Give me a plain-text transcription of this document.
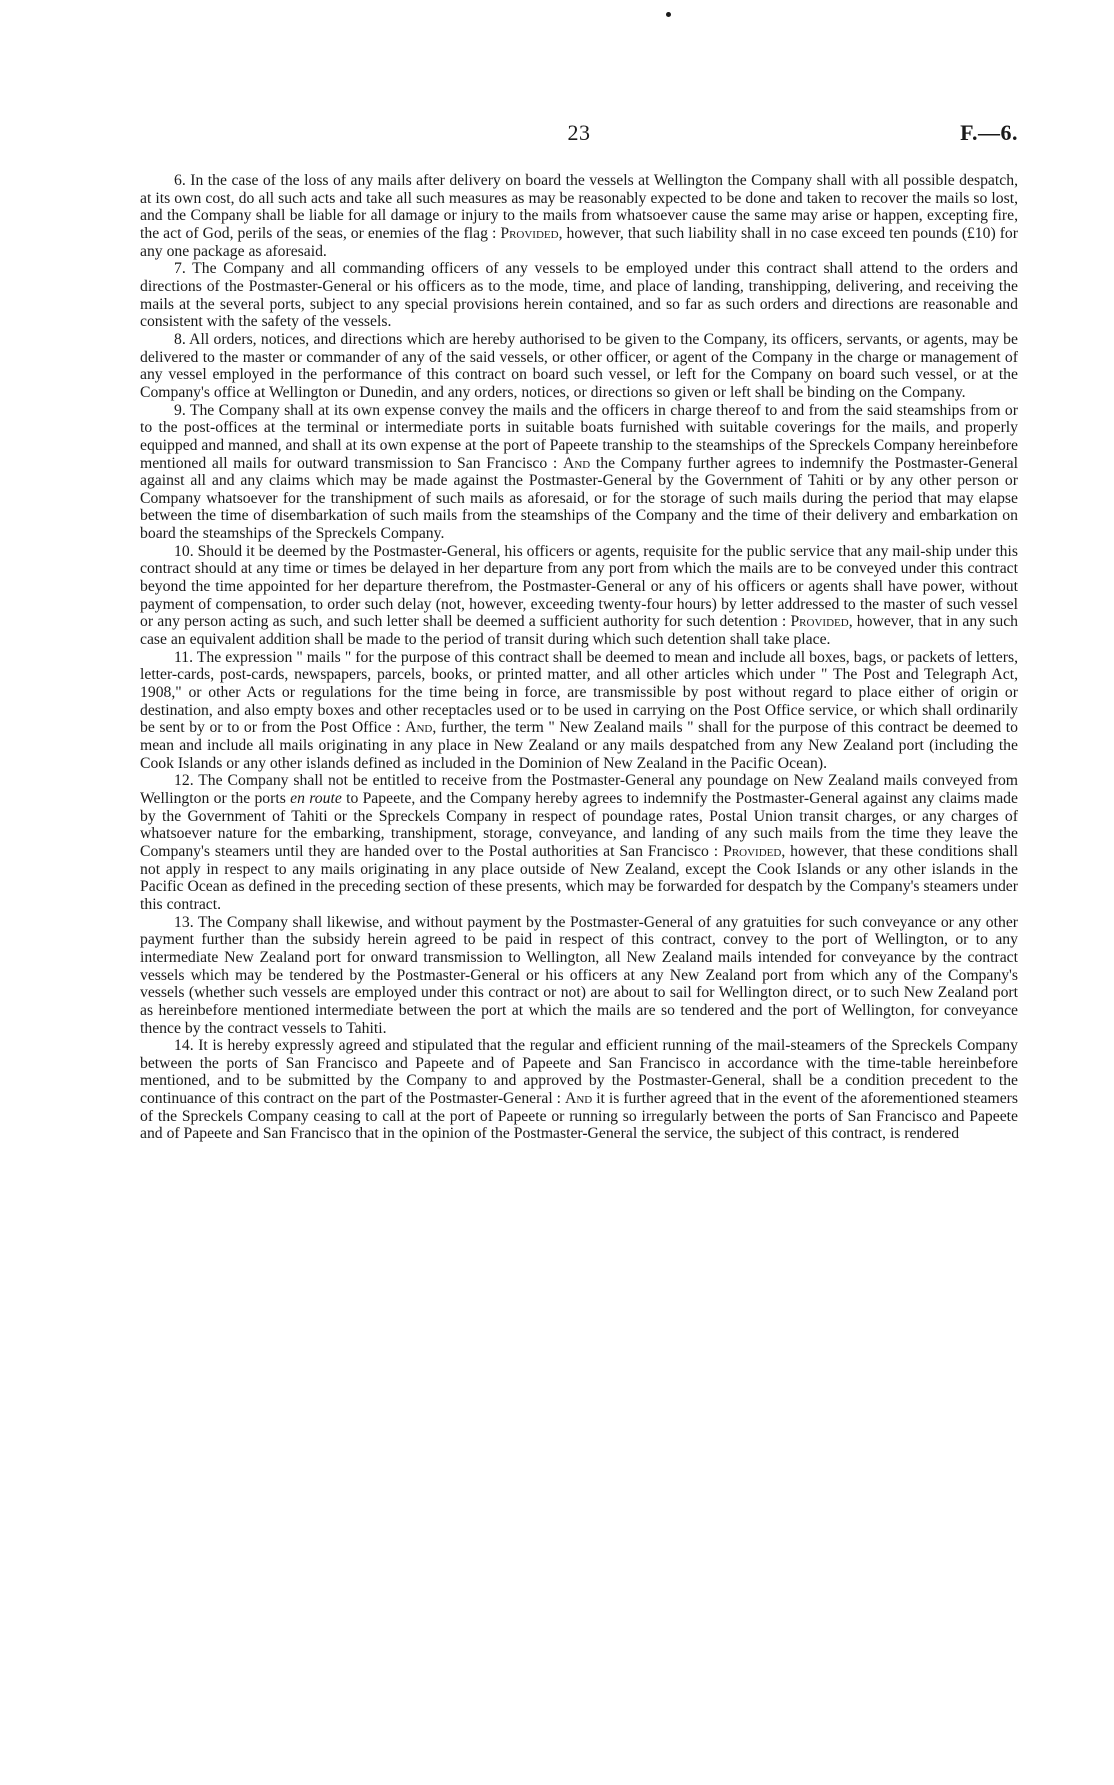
23	F.—6.

6. In the case of the loss of any mails after delivery on board the vessels at Wellington the Company shall with all possible despatch, at its own cost, do all such acts and take all such measures as may be reasonably expected to be done and taken to recover the mails so lost, and the Company shall be liable for all damage or injury to the mails from whatsoever cause the same may arise or happen, excepting fire, the act of God, perils of the seas, or enemies of the flag : Provided, however, that such liability shall in no case exceed ten pounds (£10) for any one package as aforesaid.

7. The Company and all commanding officers of any vessels to be employed under this contract shall attend to the orders and directions of the Postmaster-General or his officers as to the mode, time, and place of landing, transhipping, delivering, and receiving the mails at the several ports, subject to any special provisions herein contained, and so far as such orders and directions are reasonable and consistent with the safety of the vessels.

8. All orders, notices, and directions which are hereby authorised to be given to the Company, its officers, servants, or agents, may be delivered to the master or commander of any of the said vessels, or other officer, or agent of the Company in the charge or management of any vessel employed in the performance of this contract on board such vessel, or left for the Company on board such vessel, or at the Company's office at Wellington or Dunedin, and any orders, notices, or directions so given or left shall be binding on the Company.

9. The Company shall at its own expense convey the mails and the officers in charge thereof to and from the said steamships from or to the post-offices at the terminal or intermediate ports in suitable boats furnished with suitable coverings for the mails, and properly equipped and manned, and shall at its own expense at the port of Papeete tranship to the steamships of the Spreckels Company hereinbefore mentioned all mails for outward transmission to San Francisco : And the Company further agrees to indemnify the Postmaster-General against all and any claims which may be made against the Postmaster-General by the Government of Tahiti or by any other person or Company whatsoever for the transhipment of such mails as aforesaid, or for the storage of such mails during the period that may elapse between the time of disembarkation of such mails from the steamships of the Company and the time of their delivery and embarkation on board the steamships of the Spreckels Company.

10. Should it be deemed by the Postmaster-General, his officers or agents, requisite for the public service that any mail-ship under this contract should at any time or times be delayed in her departure from any port from which the mails are to be conveyed under this contract beyond the time appointed for her departure therefrom, the Postmaster-General or any of his officers or agents shall have power, without payment of compensation, to order such delay (not, however, exceeding twenty-four hours) by letter addressed to the master of such vessel or any person acting as such, and such letter shall be deemed a sufficient authority for such detention : Provided, however, that in any such case an equivalent addition shall be made to the period of transit during which such detention shall take place.

11. The expression " mails " for the purpose of this contract shall be deemed to mean and include all boxes, bags, or packets of letters, letter-cards, post-cards, newspapers, parcels, books, or printed matter, and all other articles which under " The Post and Telegraph Act, 1908," or other Acts or regulations for the time being in force, are transmissible by post without regard to place either of origin or destination, and also empty boxes and other receptacles used or to be used in carrying on the Post Office service, or which shall ordinarily be sent by or to or from the Post Office : And, further, the term " New Zealand mails " shall for the purpose of this contract be deemed to mean and include all mails originating in any place in New Zealand or any mails despatched from any New Zealand port (including the Cook Islands or any other islands defined as included in the Dominion of New Zealand in the Pacific Ocean).

12. The Company shall not be entitled to receive from the Postmaster-General any poundage on New Zealand mails conveyed from Wellington or the ports en route to Papeete, and the Company hereby agrees to indemnify the Postmaster-General against any claims made by the Government of Tahiti or the Spreckels Company in respect of poundage rates, Postal Union transit charges, or any charges of whatsoever nature for the embarking, transhipment, storage, conveyance, and landing of any such mails from the time they leave the Company's steamers until they are handed over to the Postal authorities at San Francisco : Provided, however, that these conditions shall not apply in respect to any mails originating in any place outside of New Zealand, except the Cook Islands or any other islands in the Pacific Ocean as defined in the preceding section of these presents, which may be forwarded for despatch by the Company's steamers under this contract.

13. The Company shall likewise, and without payment by the Postmaster-General of any gratuities for such conveyance or any other payment further than the subsidy herein agreed to be paid in respect of this contract, convey to the port of Wellington, or to any intermediate New Zealand port for onward transmission to Wellington, all New Zealand mails intended for conveyance by the contract vessels which may be tendered by the Postmaster-General or his officers at any New Zealand port from which any of the Company's vessels (whether such vessels are employed under this contract or not) are about to sail for Wellington direct, or to such New Zealand port as hereinbefore mentioned intermediate between the port at which the mails are so tendered and the port of Wellington, for conveyance thence by the contract vessels to Tahiti.

14. It is hereby expressly agreed and stipulated that the regular and efficient running of the mail-steamers of the Spreckels Company between the ports of San Francisco and Papeete and of Papeete and San Francisco in accordance with the time-table hereinbefore mentioned, and to be submitted by the Company to and approved by the Postmaster-General, shall be a condition precedent to the continuance of this contract on the part of the Postmaster-General : And it is further agreed that in the event of the aforementioned steamers of the Spreckels Company ceasing to call at the port of Papeete or running so irregularly between the ports of San Francisco and Papeete and of Papeete and San Francisco that in the opinion of the Postmaster-General the service, the subject of this contract, is rendered
